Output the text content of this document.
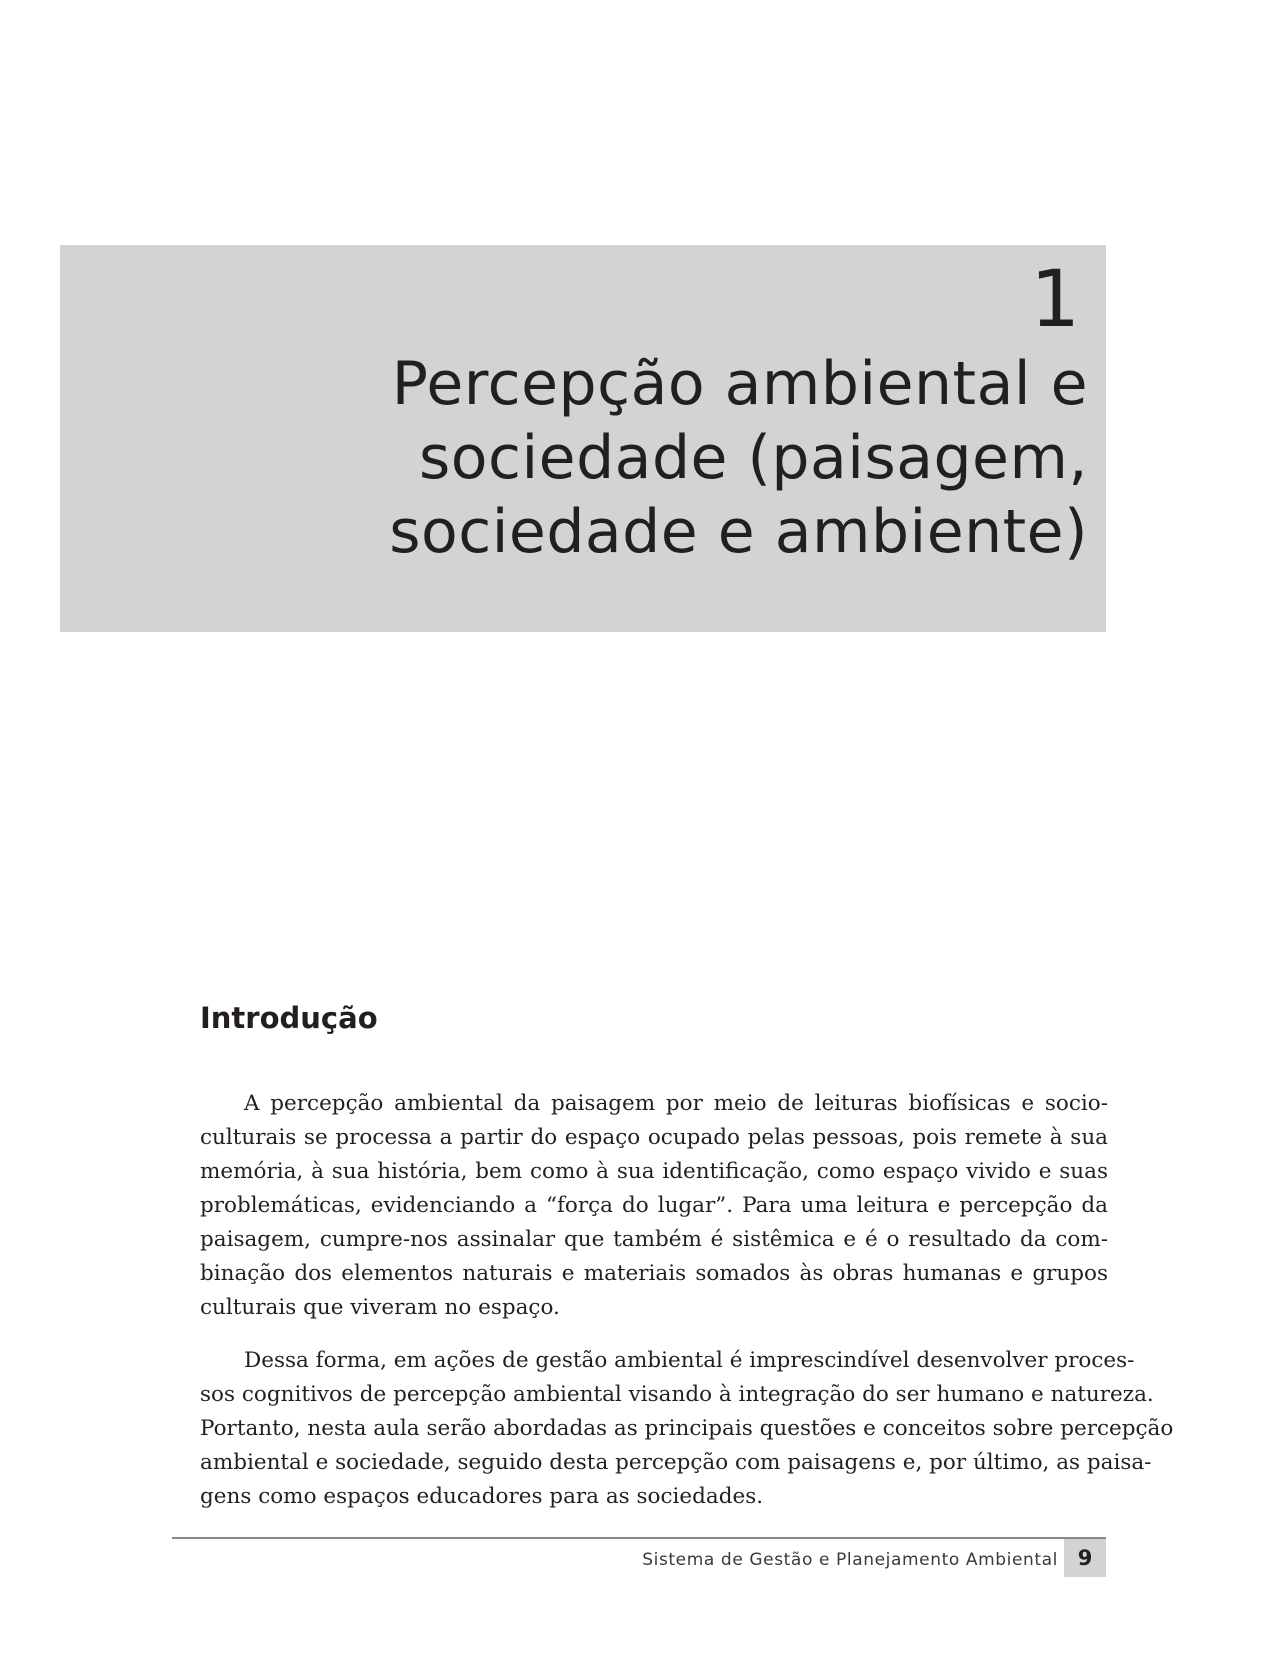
1
Percepção ambiental e
sociedade (paisagem,
sociedade e ambiente)
Introdução
A percepção ambiental da paisagem por meio de leituras biofísicas e socio-
culturais se processa a partir do espaço ocupado pelas pessoas, pois remete à sua
memória, à sua história, bem como à sua identificação, como espaço vivido e suas
problemáticas, evidenciando a “força do lugar”. Para uma leitura e percepção da
paisagem, cumpre-nos assinalar que também é sistêmica e é o resultado da com-
binação dos elementos naturais e materiais somados às obras humanas e grupos
culturais que viveram no espaço.
Dessa forma, em ações de gestão ambiental é imprescindível desenvolver proces-
sos cognitivos de percepção ambiental visando à integração do ser humano e natureza.
Portanto, nesta aula serão abordadas as principais questões e conceitos sobre percepção
ambiental e sociedade, seguido desta percepção com paisagens e, por último, as paisa-
gens como espaços educadores para as sociedades.
Sistema de Gestão e Planejamento Ambiental 9
